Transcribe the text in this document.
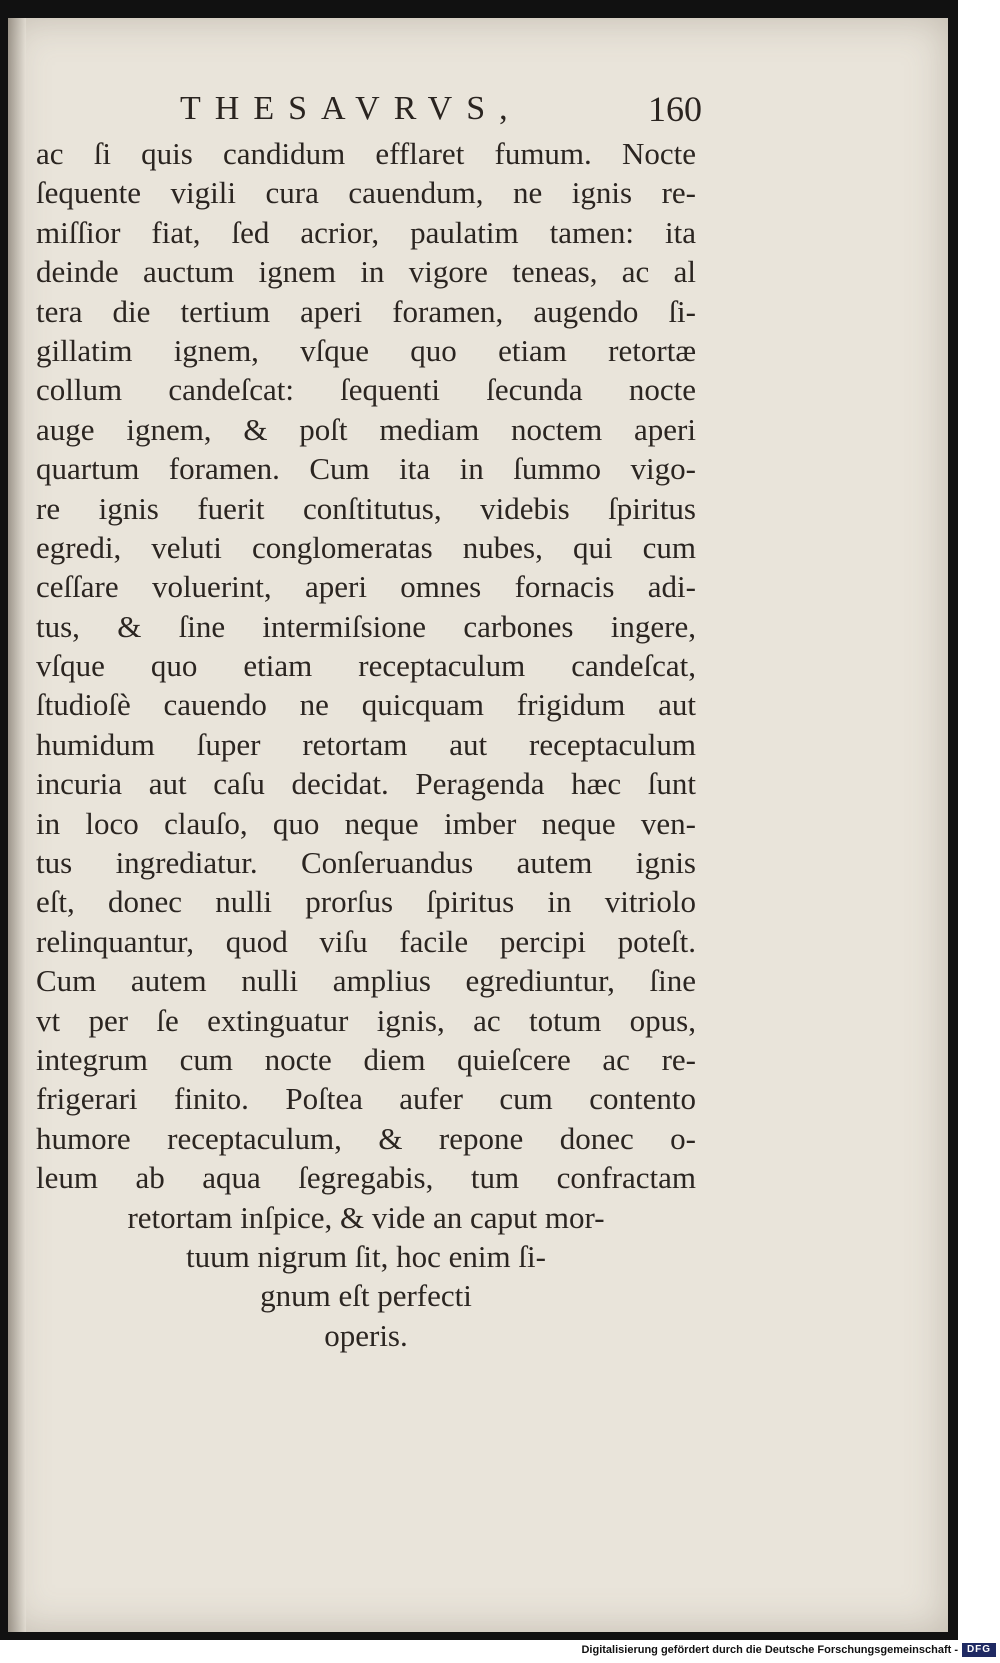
THESAVRVS,	160
ac ſi quis candidum efflaret fumum. Nocte
ſequente vigili cura cauendum, ne ignis re-
miſſior fiat, ſed acrior, paulatim tamen: ita
deinde auctum ignem in vigore teneas, ac al
tera die tertium aperi foramen, augendo ſi-
gillatim ignem, vſque quo etiam retortæ
collum candeſcat: ſequenti ſecunda nocte
auge ignem, & poſt mediam noctem aperi
quartum foramen. Cum ita in ſummo vigo-
re ignis fuerit conſtitutus, videbis ſpiritus
egredi, veluti conglomeratas nubes, qui cum
ceſſare voluerint, aperi omnes fornacis adi-
tus, & ſine intermiſsione carbones ingere,
vſque quo etiam receptaculum candeſcat,
ſtudioſè cauendo ne quicquam frigidum aut
humidum ſuper retortam aut receptaculum
incuria aut caſu decidat. Peragenda hæc ſunt
in loco clauſo, quo neque imber neque ven-
tus ingrediatur. Conſeruandus autem ignis
eſt, donec nulli prorſus ſpiritus in vitriolo
relinquantur, quod viſu facile percipi poteſt.
Cum autem nulli amplius egrediuntur, ſine
vt per ſe extinguatur ignis, ac totum opus,
integrum cum nocte diem quieſcere ac re-
frigerari finito. Poſtea aufer cum contento
humore receptaculum, & repone donec o-
leum ab aqua ſegregabis, tum confractam
retortam inſpice, & vide an caput mor-
tuum nigrum ſit, hoc enim ſi-
gnum eſt perfecti
operis.
Digitalisierung gefördert durch die Deutsche Forschungsgemeinschaft - DFG
